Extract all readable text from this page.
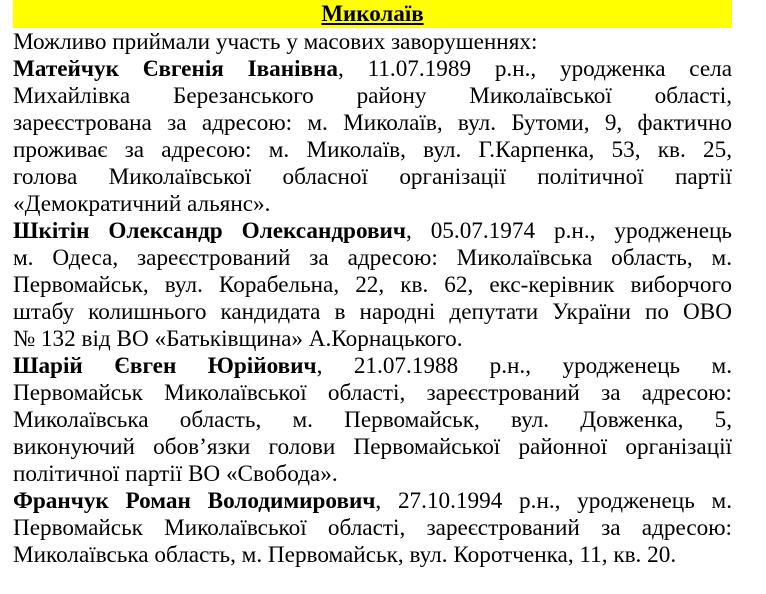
Миколаїв
Можливо приймали участь у масових заворушеннях:
Матейчук Євгенія Іванівна, 11.07.1989 р.н., уродженка села
Михайлівка Березанського району Миколаївської області,
зареєстрована за адресою: м. Миколаїв, вул. Бутоми, 9, фактично
проживає за адресою: м. Миколаїв, вул. Г.Карпенка, 53, кв. 25,
голова Миколаївської обласної організації політичної партії
«Демократичний альянс».
Шкітін Олександр Олександрович, 05.07.1974 р.н., уродженець
м. Одеса, зареєстрований за адресою: Миколаївська область, м.
Первомайськ, вул. Корабельна, 22, кв. 62, екс-керівник виборчого
штабу колишнього кандидата в народні депутати України по ОВО
№ 132 від ВО «Батьківщина» А.Корнацького.
Шарій Євген Юрійович, 21.07.1988 р.н., уродженець м.
Первомайськ Миколаївської області, зареєстрований за адресою:
Миколаївська область, м. Первомайськ, вул. Довженка, 5,
виконуючий обов’язки голови Первомайської районної організації
політичної партії ВО «Свобода».
Франчук Роман Володимирович, 27.10.1994 р.н., уродженець м.
Первомайськ Миколаївської області, зареєстрований за адресою:
Миколаївська область, м. Первомайськ, вул. Коротченка, 11, кв. 20.
